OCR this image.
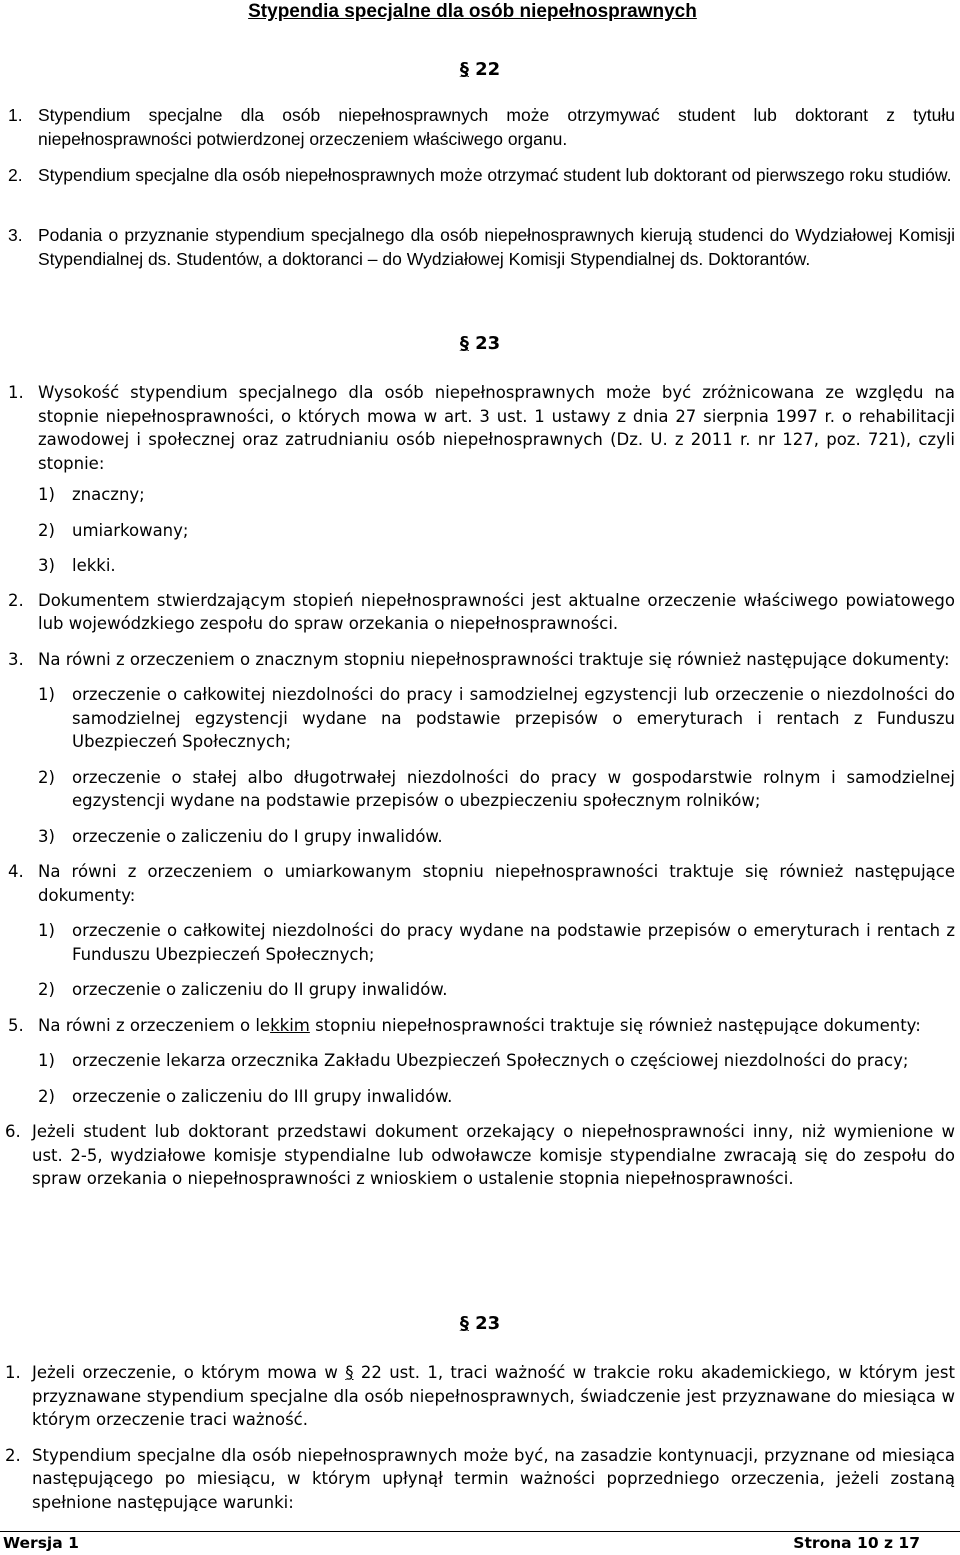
Stypendia specjalne dla osób niepełnosprawnych
§ 22
1. Stypendium specjalne dla osób niepełnosprawnych może otrzymywać student lub doktorant z tytułu niepełnosprawności potwierdzonej orzeczeniem właściwego organu.
2. Stypendium specjalne dla osób niepełnosprawnych może otrzymać student lub doktorant od pierwszego roku studiów.
3. Podania o przyznanie stypendium specjalnego dla osób niepełnosprawnych kierują studenci do Wydziałowej Komisji Stypendialnej ds. Studentów, a doktoranci – do Wydziałowej Komisji Stypendialnej ds. Doktorantów.
§ 23
1. Wysokość stypendium specjalnego dla osób niepełnosprawnych może być zróżnicowana ze względu na stopnie niepełnosprawności, o których mowa w art. 3 ust. 1 ustawy z dnia 27 sierpnia 1997 r. o rehabilitacji zawodowej i społecznej oraz zatrudnianiu osób niepełnosprawnych (Dz. U. z 2011 r. nr 127, poz. 721), czyli stopnie:
1) znaczny;
2) umiarkowany;
3) lekki.
2. Dokumentem stwierdzającym stopień niepełnosprawności jest aktualne orzeczenie właściwego powiatowego lub wojewódzkiego zespołu do spraw orzekania o niepełnosprawności.
3. Na równi z orzeczeniem o znacznym stopniu niepełnosprawności traktuje się również następujące dokumenty:
1) orzeczenie o całkowitej niezdolności do pracy i samodzielnej egzystencji lub orzeczenie o niezdolności do samodzielnej egzystencji wydane na podstawie przepisów o emeryturach i rentach z Funduszu Ubezpieczeń Społecznych;
2) orzeczenie o stałej albo długotrwałej niezdolności do pracy w gospodarstwie rolnym i samodzielnej egzystencji wydane na podstawie przepisów o ubezpieczeniu społecznym rolników;
3) orzeczenie o zaliczeniu do I grupy inwalidów.
4. Na równi z orzeczeniem o umiarkowanym stopniu niepełnosprawności traktuje się również następujące dokumenty:
1) orzeczenie o całkowitej niezdolności do pracy wydane na podstawie przepisów o emeryturach i rentach z Funduszu Ubezpieczeń Społecznych;
2) orzeczenie o zaliczeniu do II grupy inwalidów.
5. Na równi z orzeczeniem o lekkim stopniu niepełnosprawności traktuje się również następujące dokumenty:
1) orzeczenie lekarza orzecznika Zakładu Ubezpieczeń Społecznych o częściowej niezdolności do pracy;
2) orzeczenie o zaliczeniu do III grupy inwalidów.
6. Jeżeli student lub doktorant przedstawi dokument orzekający o niepełnosprawności inny, niż wymienione w ust. 2-5, wydziałowe komisje stypendialne lub odwoławcze komisje stypendialne zwracają się do zespołu do spraw orzekania o niepełnosprawności z wnioskiem o ustalenie stopnia niepełnosprawności.
§ 23
1. Jeżeli orzeczenie, o którym mowa w § 22 ust. 1, traci ważność w trakcie roku akademickiego, w którym jest przyznawane stypendium specjalne dla osób niepełnosprawnych, świadczenie jest przyznawane do miesiąca w którym orzeczenie traci ważność.
2. Stypendium specjalne dla osób niepełnosprawnych może być, na zasadzie kontynuacji, przyznane od miesiąca następującego po miesiącu, w którym upłynął termin ważności poprzedniego orzeczenia, jeżeli zostaną spełnione następujące warunki:
Wersja 1	Strona 10 z 17
